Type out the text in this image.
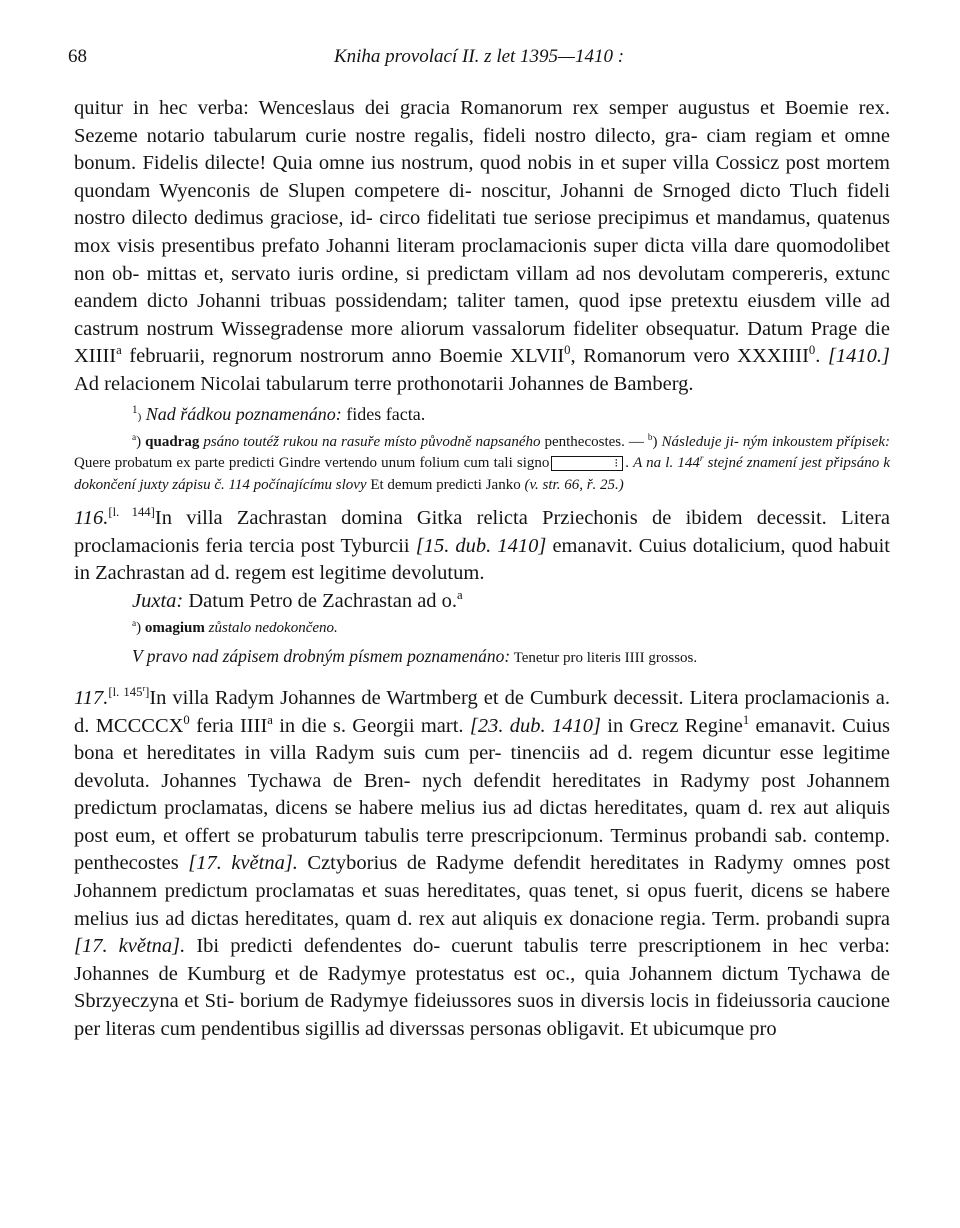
68	Kniha provolací II. z let 1395—1410 :

quitur in hec verba: Wenceslaus dei gracia Romanorum rex semper augustus et Boemie rex. Sezeme notario tabularum curie nostre regalis, fideli nostro dilecto, gra- ciam regiam et omne bonum. Fidelis dilecte! Quia omne ius nostrum, quod nobis in et super villa Cossicz post mortem quondam Wyenconis de Slupen competere di- noscitur, Johanni de Srnoged dicto Tluch fideli nostro dilecto dedimus graciose, id- circo fidelitati tue seriose precipimus et mandamus, quatenus mox visis presentibus prefato Johanni literam proclamacionis super dicta villa dare quomodolibet non ob- mittas et, servato iuris ordine, si predictam villam ad nos devolutam compereris, extunc eandem dicto Johanni tribuas possidendam; taliter tamen, quod ipse pretextu eiusdem ville ad castrum nostrum Wissegradense more aliorum vassalorum fideliter obsequatur. Datum Prage die XIIII$^a$ februarii, regnorum nostrorum anno Boemie XLVII$^0$, Romanorum vero XXXIIII$^0$. [1410.] Ad relacionem Nicolai tabularum terre prothonotarii Johannes de Bamberg.

$^1$) Nad řádkou poznamenáno: fides facta.

$^a$) quadrag psáno toutéž rukou na rasuře místo původně napsaného penthecostes. — $^b$) Následuje ji- ným inkoustem přípisek: Quere probatum ex parte predicti Gindre vertendo unum folium cum tali signo	⁝ . A na l. 144$^r$ stejné znamení jest připsáno k dokončení juxty zápisu č. 114 počínajícímu slovy Et demum predicti Janko (v. str. 66, ř. 25.)

116.[l. 144]In villa Zachrastan domina Gitka relicta Prziechonis de ibidem decessit. Litera proclamacionis feria tercia post Tyburcii [15. dub. 1410] emanavit. Cuius dotalicium, quod habuit in Zachrastan ad d. regem est legitime devolutum.

Juxta: Datum Petro de Zachrastan ad o.$^a$

$^a$) omagium zůstalo nedokončeno.

V pravo nad zápisem drobným písmem poznamenáno: Tenetur pro literis IIII grossos.

117.[l. 145r]In villa Radym Johannes de Wartmberg et de Cumburk decessit. Litera proclamacionis a. d. MCCCCX$^0$ feria IIII$^a$ in die s. Georgii mart. [23. dub. 1410] in Grecz Regine$^1$ emanavit. Cuius bona et hereditates in villa Radym suis cum per- tinenciis ad d. regem dicuntur esse legitime devoluta. Johannes Tychawa de Bren- nych defendit hereditates in Radymy post Johannem predictum proclamatas, dicens se habere melius ius ad dictas hereditates, quam d. rex aut aliquis post eum, et offert se probaturum tabulis terre prescripcionum. Terminus probandi sab. contemp. penthecostes [17. května]. Cztyborius de Radyme defendit hereditates in Radymy omnes post Johannem predictum proclamatas et suas hereditates, quas tenet, si opus fuerit, dicens se habere melius ius ad dictas hereditates, quam d. rex aut aliquis ex donacione regia. Term. probandi supra [17. května]. Ibi predicti defendentes do- cuerunt tabulis terre prescriptionem in hec verba: Johannes de Kumburg et de Radymye protestatus est oc., quia Johannem dictum Tychawa de Sbrzyeczyna et Sti- borium de Radymye fideiussores suos in diversis locis in fideiussoria caucione per literas cum pendentibus sigillis ad diverssas personas obligavit. Et ubicumque pro
